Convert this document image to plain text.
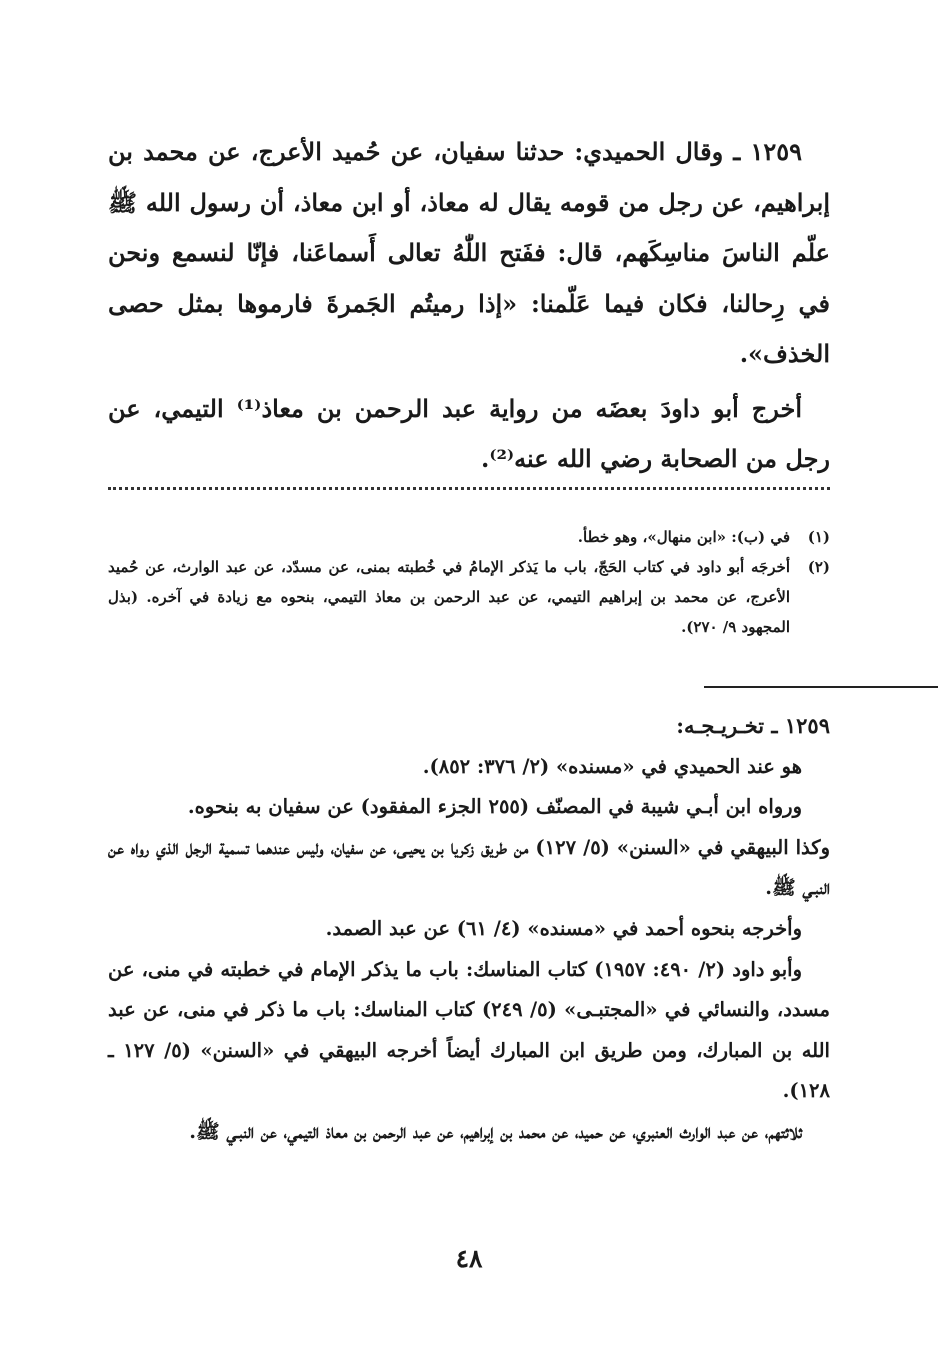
١٢٥٩ ـ وقال الحميدي: حدثنا سفيان، عن حُميد الأعرج، عن محمد بن إبراهيم، عن رجل من قومه يقال له معاذ، أو ابن معاذ، أن رسول الله ﷺ علّم الناسَ مناسِكَهم، قال: ففَتح اللّٰهُ تعالى أَسماعَنا، فإنّا لنسمع ونحن في رِحالنا، فكان فيما عَلّمنا: «إذا رميتُم الجَمرةَ فارموها بمثل حصى الخذف».

أخرج أبو داودَ بعضَه من رواية عبد الرحمن بن معاذ⁽¹⁾ التيمي، عن رجل من الصحابة رضي الله عنه⁽²⁾.

(١)
في (ب): «ابن منهال»، وهو خطأ.

(٢)
أخرجَه أبو داود في كتاب الحَجّ، باب ما يَذكر الإمامُ في خُطبته بمنى، عن مسدّد، عن عبد الوارث، عن حُميد الأعرج، عن محمد بن إبراهيم التيمي، عن عبد الرحمن بن معاذ التيمي، بنحوه مع زيادة في آخره. (بذل المجهود ٩/ ٢٧٠).

١٢٥٩ ـ تخـريـجـه:

هو عند الحميدي في «مسنده» (٢/ ٣٧٦: ٨٥٢).

ورواه ابن أبـي شيبة في المصنّف (٢٥٥ الجزء المفقود) عن سفيان به بنحوه.

وكذا البيهقي في «السنن» (٥/ ١٢٧) من طريق زكريا بن يحيـى، عن سفيان، وليس عندهما تسمية الرجل الذي رواه عن النبـي ﷺ.

وأخرجه بنحوه أحمد في «مسنده» (٤/ ٦١) عن عبد الصمد.

وأبو داود (٢/ ٤٩٠: ١٩٥٧) كتاب المناسك: باب ما يذكر الإمام في خطبته في منى، عن مسدد، والنسائي في «المجتبـى» (٥/ ٢٤٩) كتاب المناسك: باب ما ذكر في منى، عن عبد الله بن المبارك، ومن طريق ابن المبارك أيضاً أخرجه البيهقي في «السنن» (٥/ ١٢٧ ـ ١٢٨).

ثلاثتهم، عن عبد الوارث العنبري، عن حميد، عن محمد بن إبراهيم، عن عبد الرحمن بن معاذ التيمي، عن النبـي ﷺ.

٤٨
